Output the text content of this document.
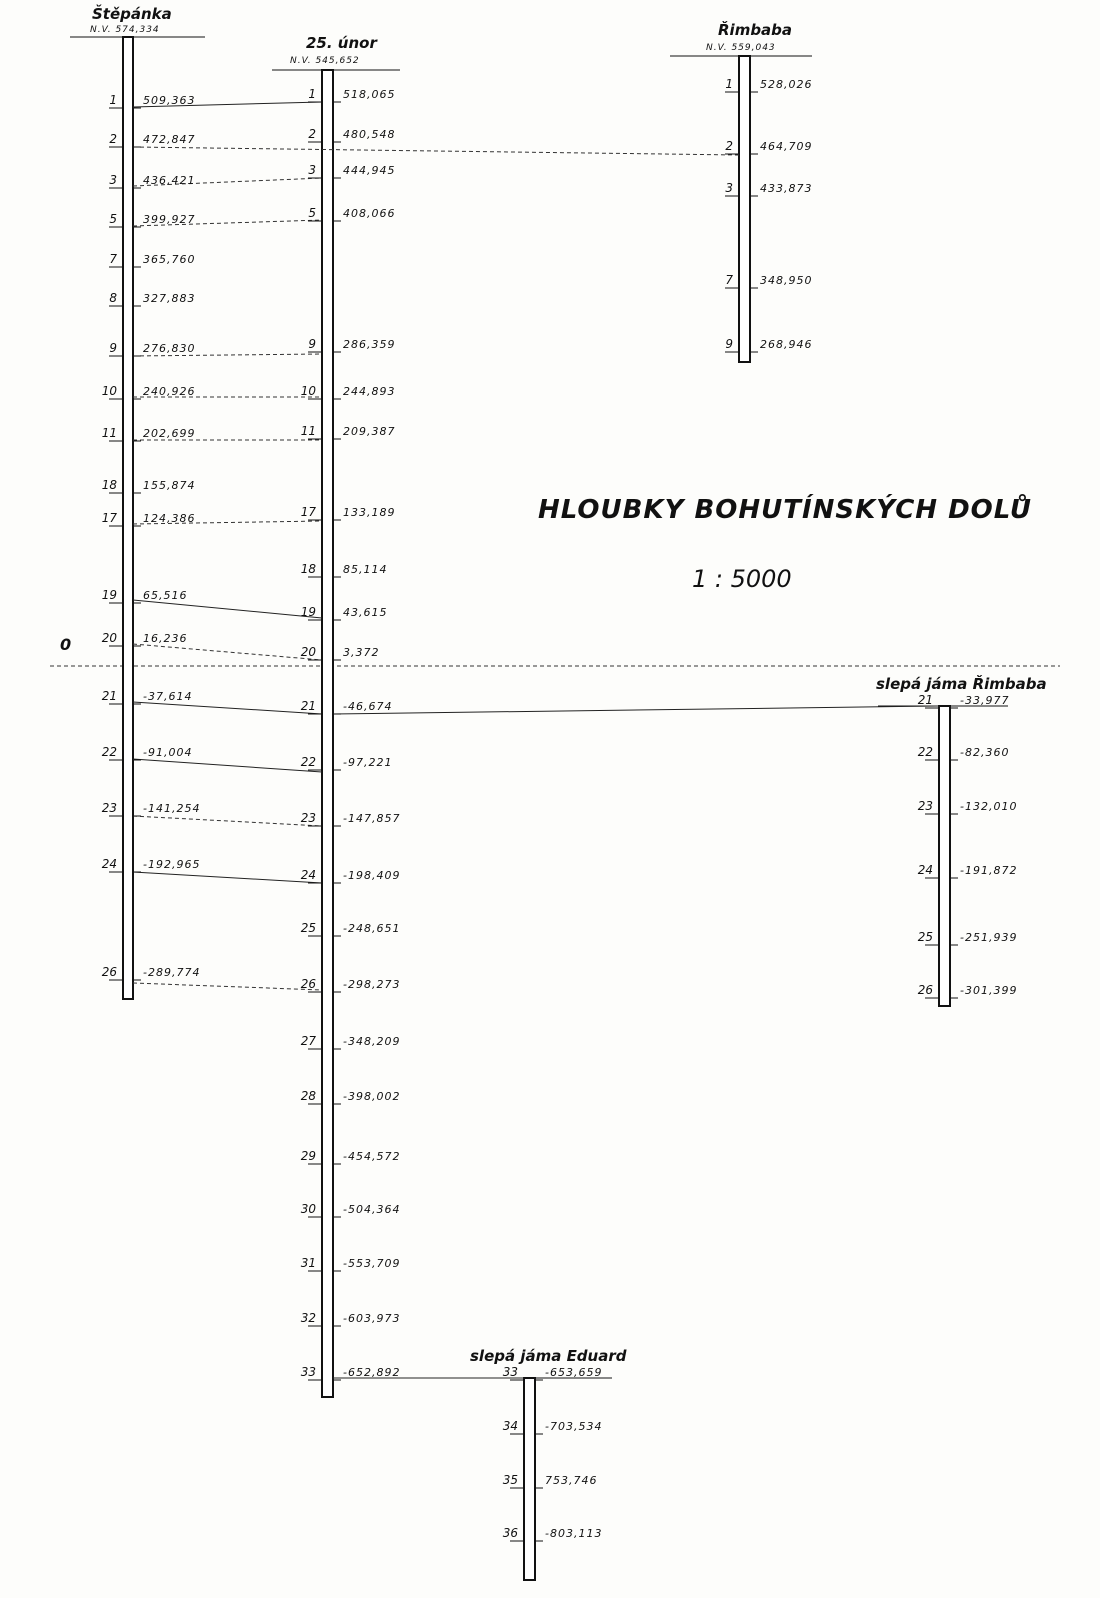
0
Štěpánka
N.V. 574,334
25. únor
N.V. 545,652
Řimbaba
N.V. 559,043
slepá jáma Řimbaba
slepá jáma Eduard
HLOUBKY BOHUTÍNSKÝCH DOLŮ
1 : 5000
1 509,363
2 472,847
3 436,421
5 399,927
7 365,760
8 327,883
9 276,830
10 240,926
11 202,699
18 155,874
17 124,386
19 65,516
20 16,236
21 -37,614
22 -91,004
23 -141,254
24 -192,965
26 -289,774
1 518,065
2 480,548
3 444,945
5 408,066
9 286,359
10 244,893
11 209,387
17 133,189
18 85,114
19 43,615
20 3,372
21 -46,674
22 -97,221
23 -147,857
24 -198,409
25 -248,651
26 -298,273
27 -348,209
28 -398,002
29 -454,572
30 -504,364
31 -553,709
32 -603,973
33 -652,892
1 528,026
2 464,709
3 433,873
7 348,950
9 268,946
21 -33,977
22 -82,360
23 -132,010
24 -191,872
25 -251,939
26 -301,399
33 -653,659
34 -703,534
35 753,746
36 -803,113
